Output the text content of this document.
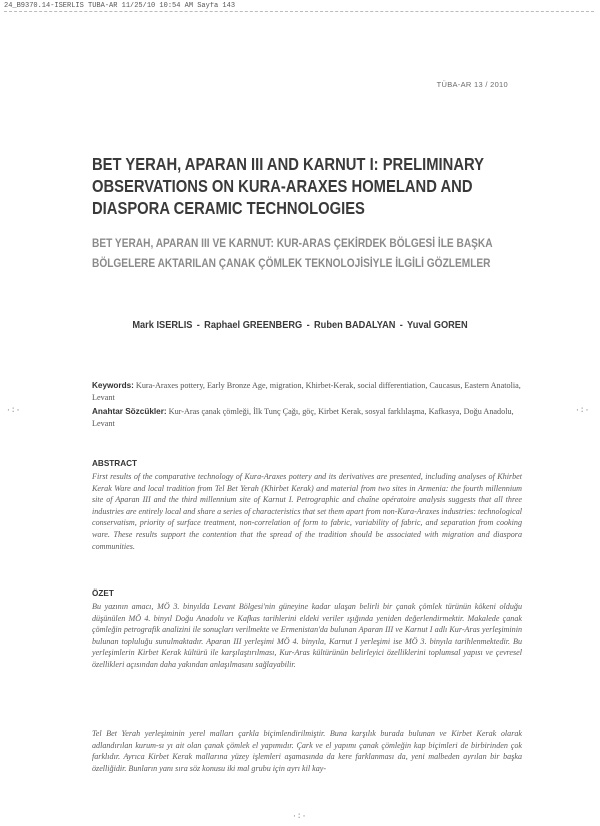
24_B9370.14-ISERLIS TUBA-AR 11/25/10 10:54 AM Sayfa 143
·:·	·:·
·:·
TÜBA-AR 13 / 2010
BET YERAH, APARAN III AND KARNUT I: PRELIMINARY OBSERVATIONS ON KURA-ARAXES HOMELAND AND DIASPORA CERAMIC TECHNOLOGIES
BET YERAH, APARAN III VE KARNUT: KUR-ARAS ÇEKİRDEK BÖLGESİ İLE BAŞKA BÖLGELERE AKTARILAN ÇANAK ÇÖMLEK TEKNOLOJİSİYLE İLGİLİ GÖZLEMLER
Mark ISERLIS - Raphael GREENBERG - Ruben BADALYAN - Yuval GOREN

Keywords: Kura-Araxes pottery, Early Bronze Age, migration, Khirbet-Kerak, social differentiation, Caucasus, Eastern Anatolia, Levant

Anahtar Sözcükler: Kur-Aras çanak çömleği, İlk Tunç Çağı, göç, Kirbet Kerak, sosyal farklılaşma, Kafkasya, Doğu Anadolu, Levant

ABSTRACT

First results of the comparative technology of Kura-Araxes pottery and its derivatives are presented, including analyses of Khirbet Kerak Ware and local tradition from Tel Bet Yerah (Khirbet Kerak) and material from two sites in Armenia: the fourth millennium site of Aparan III and the third millennium site of Karnut I. Petrographic and chaîne opératoire analysis suggests that all three industries are entirely local and share a series of characteristics that set them apart from non-Kura-Araxes industries: technological conservatism, priority of surface treatment, non-correlation of form to fabric, variability of fabric, and separation from cooking ware. These results support the contention that the spread of the tradition should be associated with migration and diaspora communities.

ÖZET

Bu yazının amacı, MÖ 3. binyılda Levant Bölgesi'nin güneyine kadar ulaşan belirli bir çanak çömlek türünün kökeni olduğu düşünülen MÖ 4. binyıl Doğu Anadolu ve Kafkas tarihlerini eldeki veriler ışığında yeniden değerlendirmektir. Makalede çanak çömleğin petrografik analizini ile sonuçları verilmekte ve Ermenistan'da bulunan Aparan III ve Karnut I adlı Kur-Aras yerleşiminin bulunan topluluğu sunulmaktadır. Aparan III yerleşimi MÖ 4. binyıla, Karnut I yerleşimi ise MÖ 3. binyıla tarihlenmektedir. Bu yerleşimlerin Kirbet Kerak kültürü ile karşılaştırılması, Kur-Aras kültürünün belirleyici özelliklerini toplumsal yapısı ve çevresel özellikleri açısından daha yakından anlaşılmasını sağlayabilir.

Tel Bet Yerah yerleşiminin yerel malları çarkla biçimlendirilmiştir. Buna karşılık burada bulunan ve Kirbet Kerak olarak adlandırılan kurum-sı yı ait olan çanak çömlek el yapımıdır. Çark ve el yapımı çanak çömleğin kap biçimleri de birbirinden çok farklıdır. Ayrıca Kirbet Kerak mallarına yüzey işlemleri aşamasında da kere farklanması da, yeni malbeden ayrılan bir başka özelliğidir. Bunların yanı sıra söz konusu iki mal grubu için ayrı kil kay-
